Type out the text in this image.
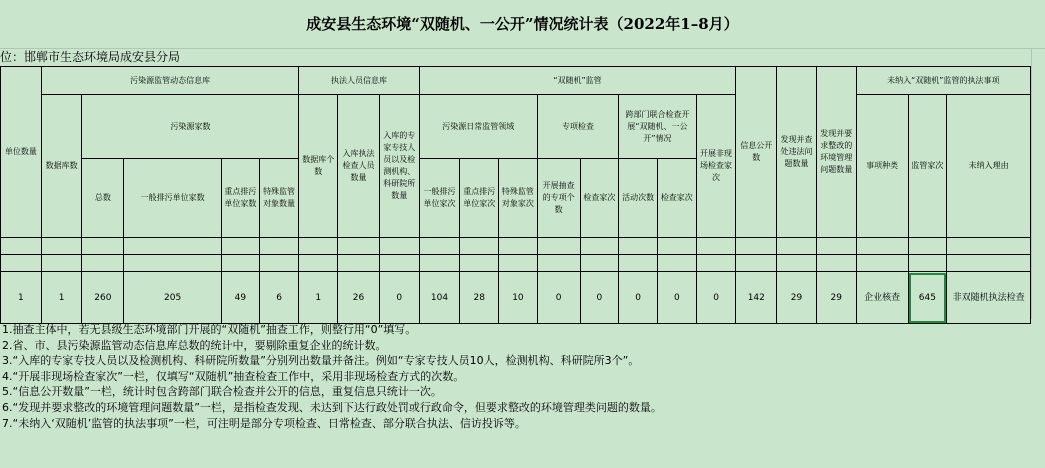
成安县生态环境“双随机、一公开”情况统计表（2022年1–8月）
位：邯郸市生态环境局成安县分局
单位数量	污染源监管动态信息库					执法人员信息库			“双随机”监管								信息公开数	发现并查处违法问题数量	发现并要求整改的环境管理问题数量	未纳入“双随机”监管的执法事项		
	数据库数	污染源家数				数据库个数	入库执法检查人员数量	入库的专家专技人员以及检测机构、科研院所数量	污染源日常监管领域			专项检查		跨部门联合检查开展“双随机、一公开”情况		开展非现场检查家次				事项种类	监管家次	未纳入理由
		总数	一般排污单位家数	重点排污单位家数	特殊监管对象数量				一般排污单位家次	重点排污单位家次	特殊监管对象家次	开展抽查的专项个数	检查家次	活动次数	检查家次							

1	1	260	205	49	6	1	26	0	104	28	10	0	0	0	0	0	142	29	29	企业核查	645	非双随机执法检查
1.抽查主体中，若无县级生态环境部门开展的“双随机”抽查工作，则整行用“0”填写。
2.省、市、县污染源监管动态信息库总数的统计中，要剔除重复企业的统计数。
3.“入库的专家专技人员以及检测机构、科研院所数量”分别列出数量并备注。例如“专家专技人员10人，检测机构、科研院所3个”。
4.“开展非现场检查家次”一栏，仅填写“双随机”抽查检查工作中，采用非现场检查方式的次数。
5.“信息公开数量”一栏，统计时包含跨部门联合检查并公开的信息，重复信息只统计一次。
6.“发现并要求整改的环境管理问题数量”一栏，是指检查发现、未达到下达行政处罚或行政命令，但要求整改的环境管理类问题的数量。
7.“未纳入‘双随机’监管的执法事项”一栏，可注明是部分专项检查、日常检查、部分联合执法、信访投诉等。
